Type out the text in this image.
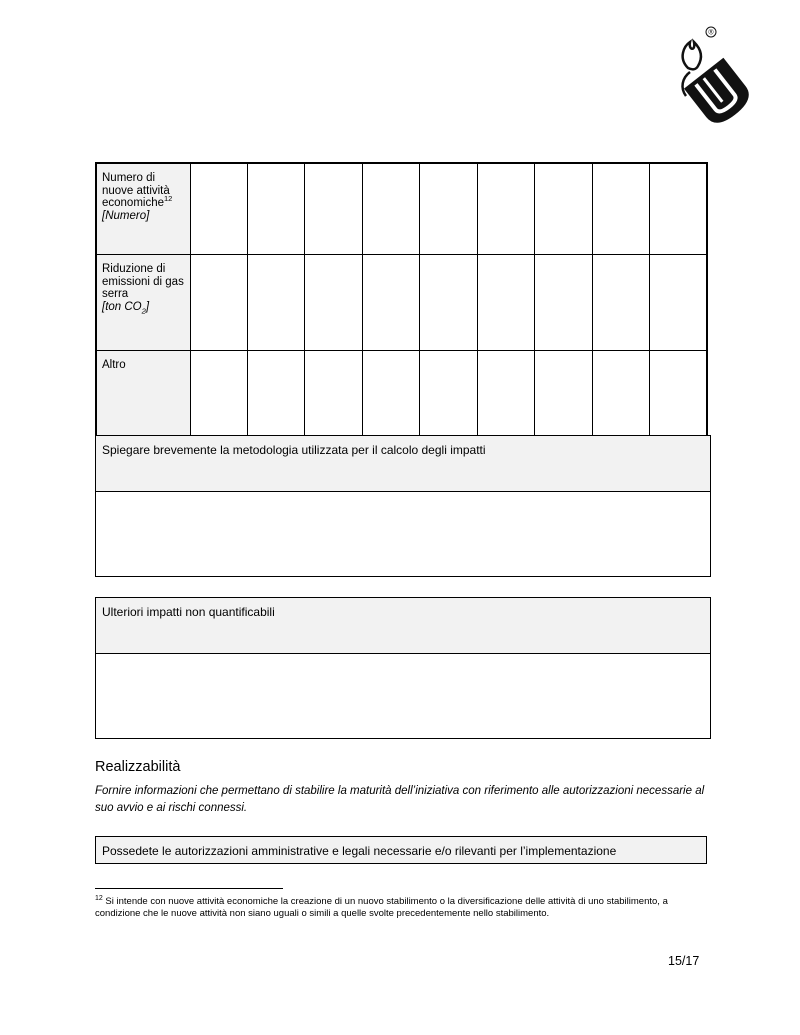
®
Numero di nuove attività economiche$^{12}$
[Numero]									
Riduzione di emissioni di gas serra
[ton $CO_2$]									
Altro									
Spiegare brevemente la metodologia utilizzata per il calcolo degli impatti
Ulteriori impatti non quantificabili
Realizzabilità
Fornire informazioni che permettano di stabilire la maturità dell’iniziativa con riferimento alle autorizzazioni necessarie al suo avvio e ai rischi connessi.
Possedete le autorizzazioni amministrative e legali necessarie e/o rilevanti per l’implementazione
$^{12}$ Si intende con nuove attività economiche la creazione di un nuovo stabilimento o la diversificazione delle attività di uno stabilimento, a condizione che le nuove attività non siano uguali o simili a quelle svolte precedentemente nello stabilimento.
15/17
